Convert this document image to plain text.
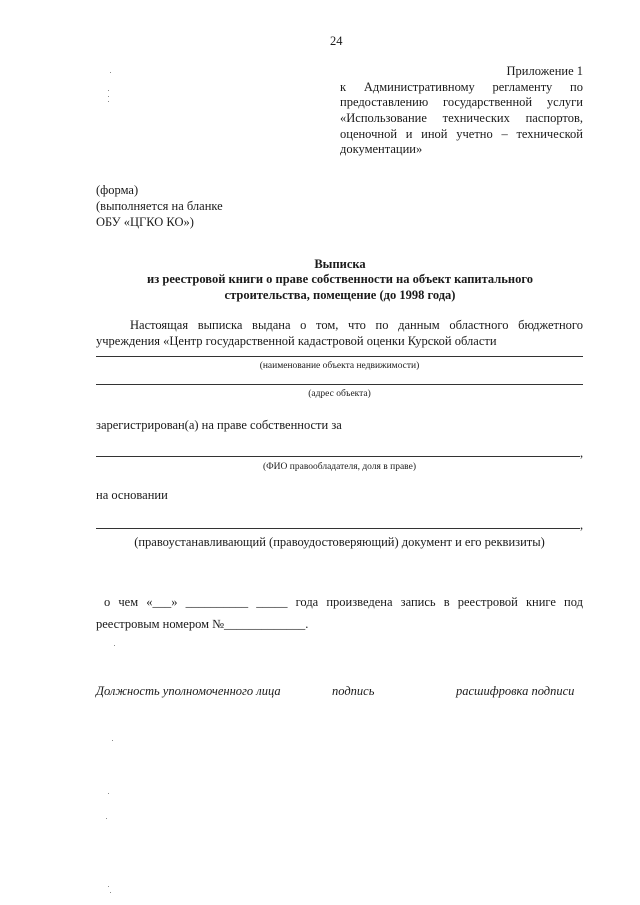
24
Приложение 1
к Административному регламенту по
предоставлению государственной услуги
«Использование технических паспортов,
оценочной и иной учетно – технической
документации»
(форма)
(выполняется на бланке
ОБУ «ЦГКО КО»)
Выписка
из реестровой книги о праве собственности на объект капитального
строительства, помещение (до 1998 года)
Настоящая выписка выдана о том, что по данным областного бюджетного
учреждения «Центр государственной кадастровой оценки Курской области
(наименование объекта недвижимости)
(адрес объекта)
зарегистрирован(а) на праве собственности за
,
(ФИО правообладателя, доля в праве)
на основании
,
(правоустанавливающий (правоудостоверяющий) документ и его реквизиты)
о чем «___» __________ _____ года произведена запись в реестровой книге под
реестровым номером №_____________.
Должность уполномоченного лица	подпись	расшифровка подписи
